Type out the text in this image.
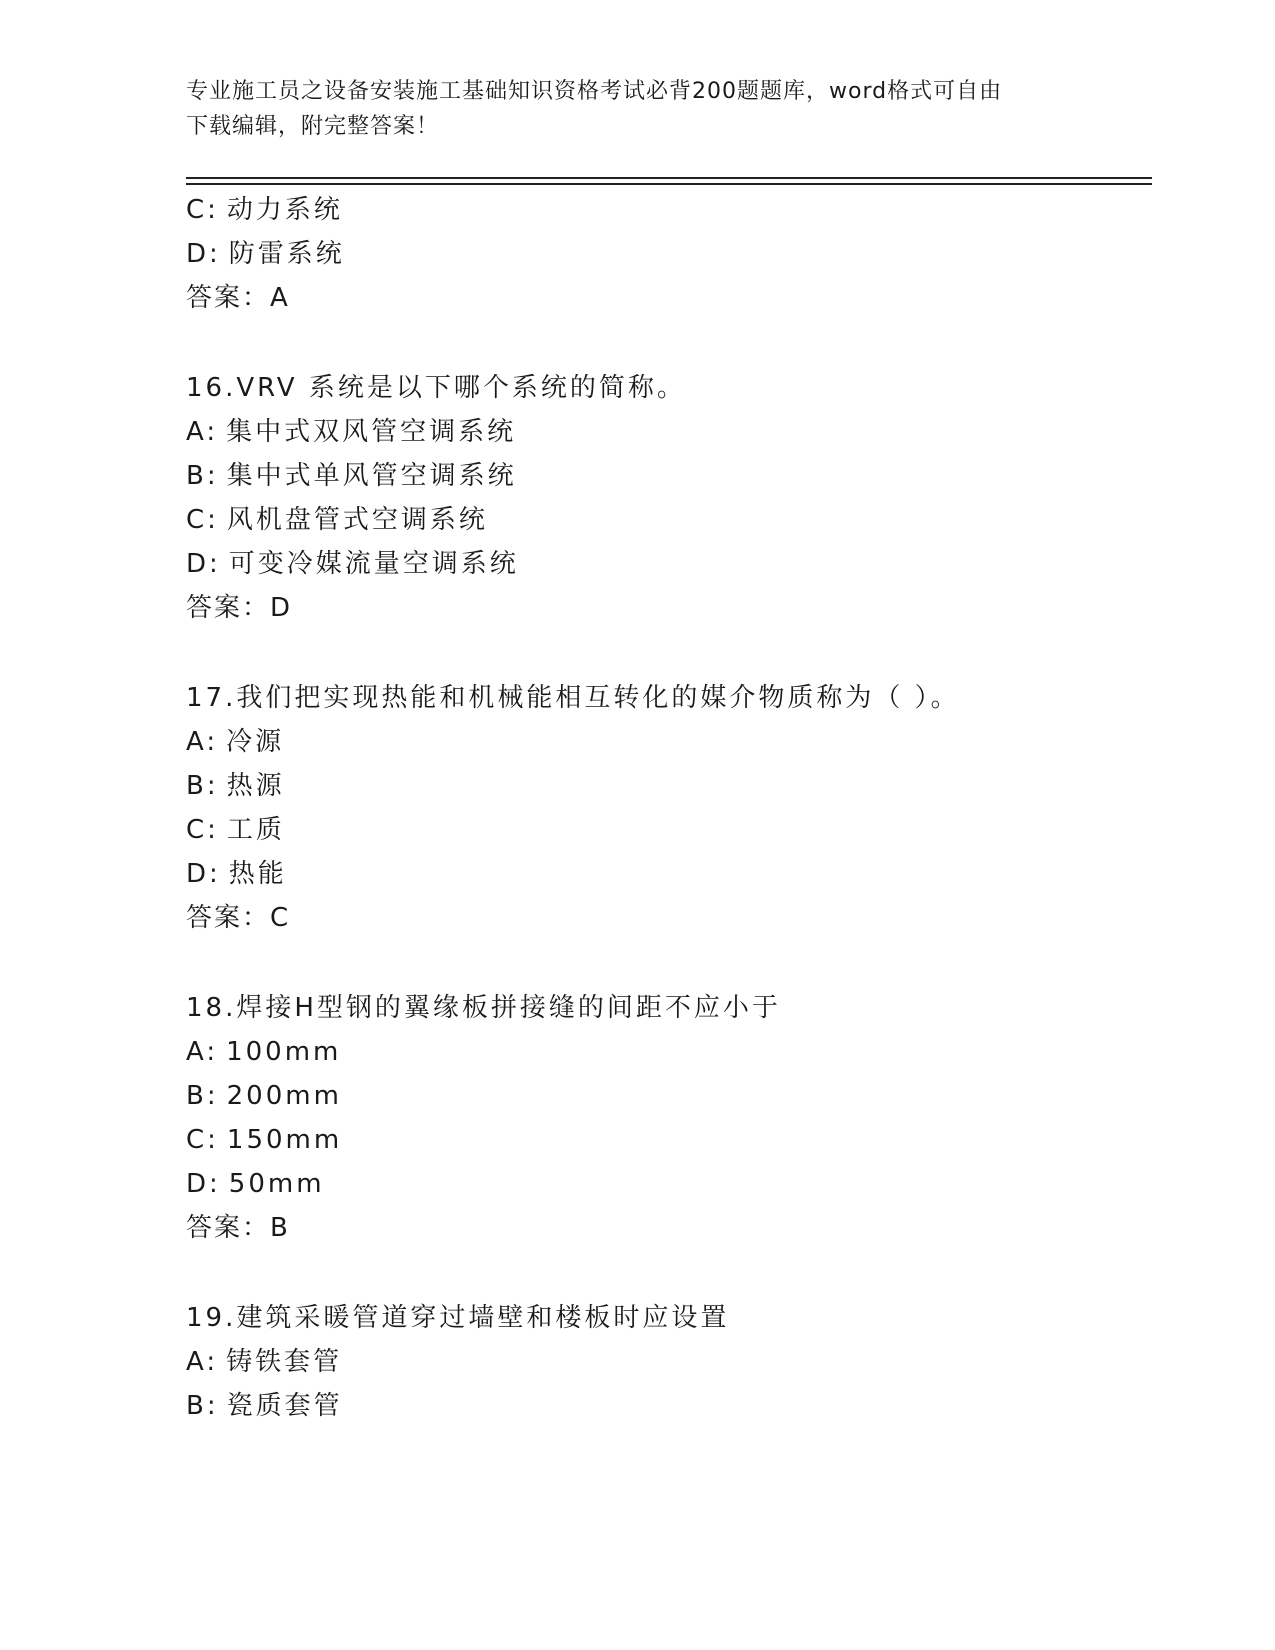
专业施工员之设备安装施工基础知识资格考试必背200题题库，word格式可自由
下载编辑，附完整答案！
C: 动力系统
D: 防雷系统
答案：A
16.VRV 系统是以下哪个系统的简称。
A: 集中式双风管空调系统
B: 集中式单风管空调系统
C: 风机盘管式空调系统
D: 可变冷媒流量空调系统
答案：D
17.我们把实现热能和机械能相互转化的媒介物质称为（ ）。
A: 冷源
B: 热源
C: 工质
D: 热能
答案：C
18.焊接H型钢的翼缘板拼接缝的间距不应小于
A: 100mm
B: 200mm
C: 150mm
D: 50mm
答案：B
19.建筑采暖管道穿过墙壁和楼板时应设置
A: 铸铁套管
B: 瓷质套管
